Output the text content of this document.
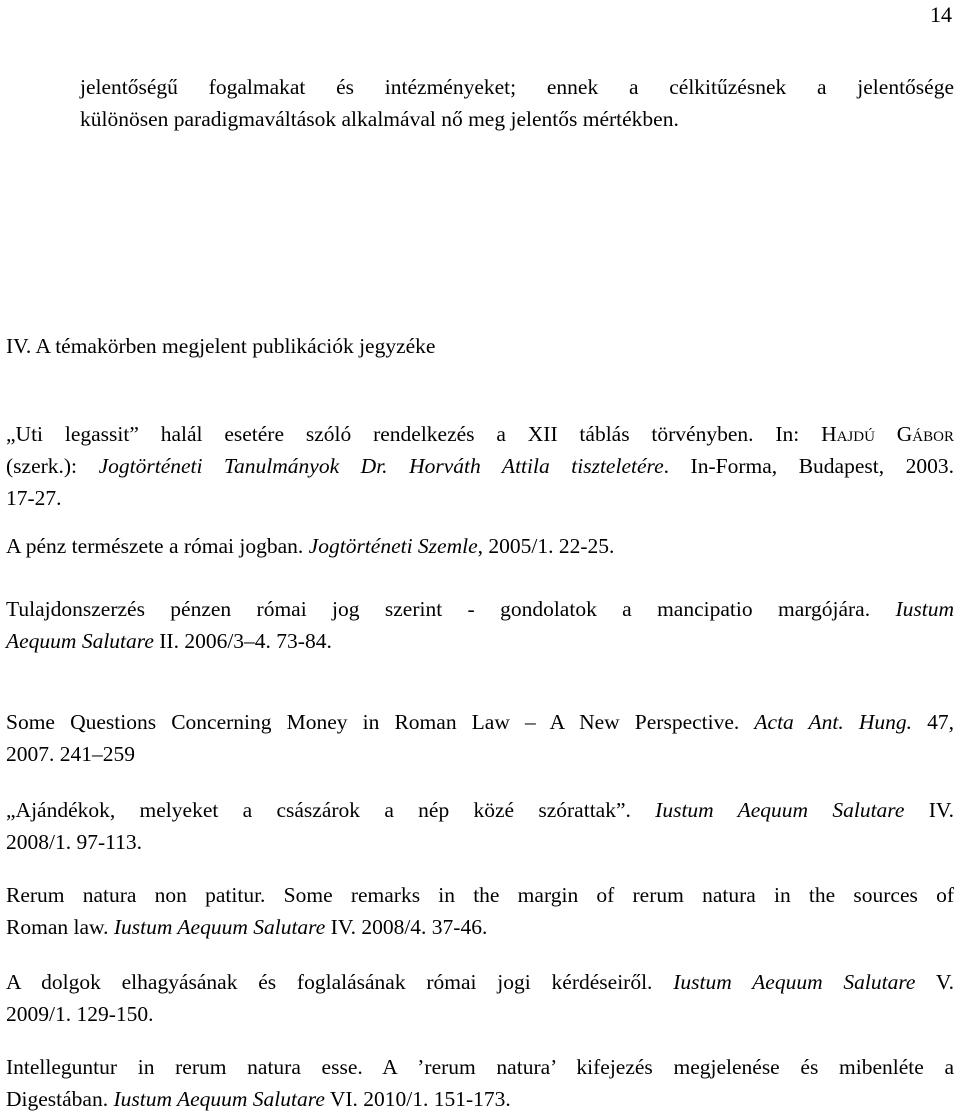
14
jelentőségű fogalmakat és intézményeket; ennek a célkitűzésnek a jelentősége
különösen paradigmaváltások alkalmával nő meg jelentős mértékben.
IV. A témakörben megjelent publikációk jegyzéke
„Uti legassit” halál esetére szóló rendelkezés a XII táblás törvényben. In: Hajdú Gábor
(szerk.): Jogtörténeti Tanulmányok Dr. Horváth Attila tiszteletére. In-Forma, Budapest, 2003.
17-27.
A pénz természete a római jogban. Jogtörténeti Szemle, 2005/1. 22-25.
Tulajdonszerzés pénzen római jog szerint - gondolatok a mancipatio margójára. Iustum
Aequum Salutare II. 2006/3–4. 73-84.
Some Questions Concerning Money in Roman Law – A New Perspective. Acta Ant. Hung. 47,
2007. 241–259
„Ajándékok, melyeket a császárok a nép közé szórattak”. Iustum Aequum Salutare IV.
2008/1. 97-113.
Rerum natura non patitur. Some remarks in the margin of rerum natura in the sources of
Roman law. Iustum Aequum Salutare IV. 2008/4. 37-46.
A dolgok elhagyásának és foglalásának római jogi kérdéseiről. Iustum Aequum Salutare V.
2009/1. 129-150.
Intelleguntur in rerum natura esse. A ’rerum natura’ kifejezés megjelenése és mibenléte a
Digestában. Iustum Aequum Salutare VI. 2010/1. 151-173.
